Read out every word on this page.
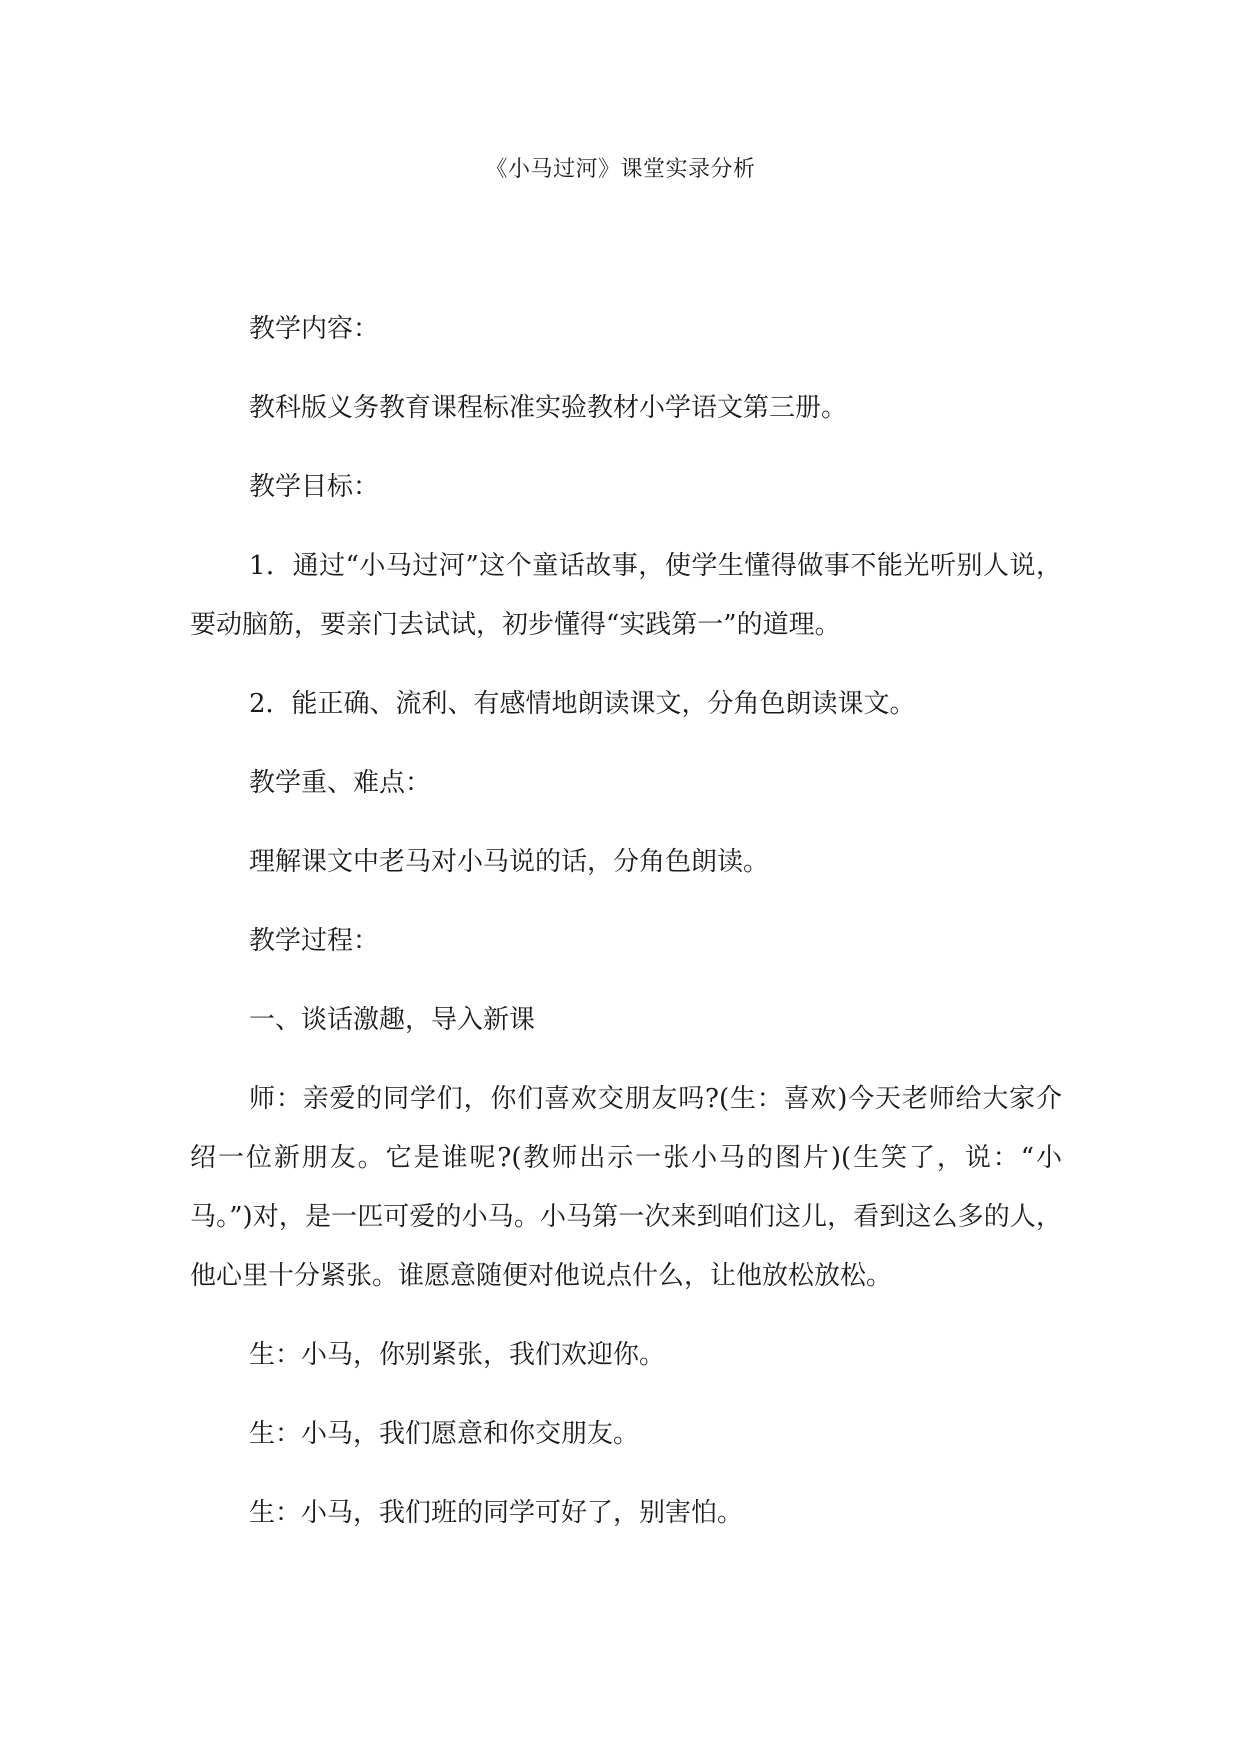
《小马过河》课堂实录分析

教学内容：

教科版义务教育课程标准实验教材小学语文第三册。

教学目标：

1．通过“小马过河”这个童话故事，使学生懂得做事不能光听别人说，要动脑筋，要亲门去试试，初步懂得“实践第一”的道理。

2．能正确、流利、有感情地朗读课文，分角色朗读课文。

教学重、难点：

理解课文中老马对小马说的话，分角色朗读。

教学过程：

一、谈话激趣，导入新课

师：亲爱的同学们，你们喜欢交朋友吗?(生：喜欢)今天老师给大家介绍一位新朋友。它是谁呢?(教师出示一张小马的图片)(生笑了，说：“小马。”)对，是一匹可爱的小马。小马第一次来到咱们这儿，看到这么多的人，他心里十分紧张。谁愿意随便对他说点什么，让他放松放松。

生：小马，你别紧张，我们欢迎你。

生：小马，我们愿意和你交朋友。

生：小马，我们班的同学可好了，别害怕。
